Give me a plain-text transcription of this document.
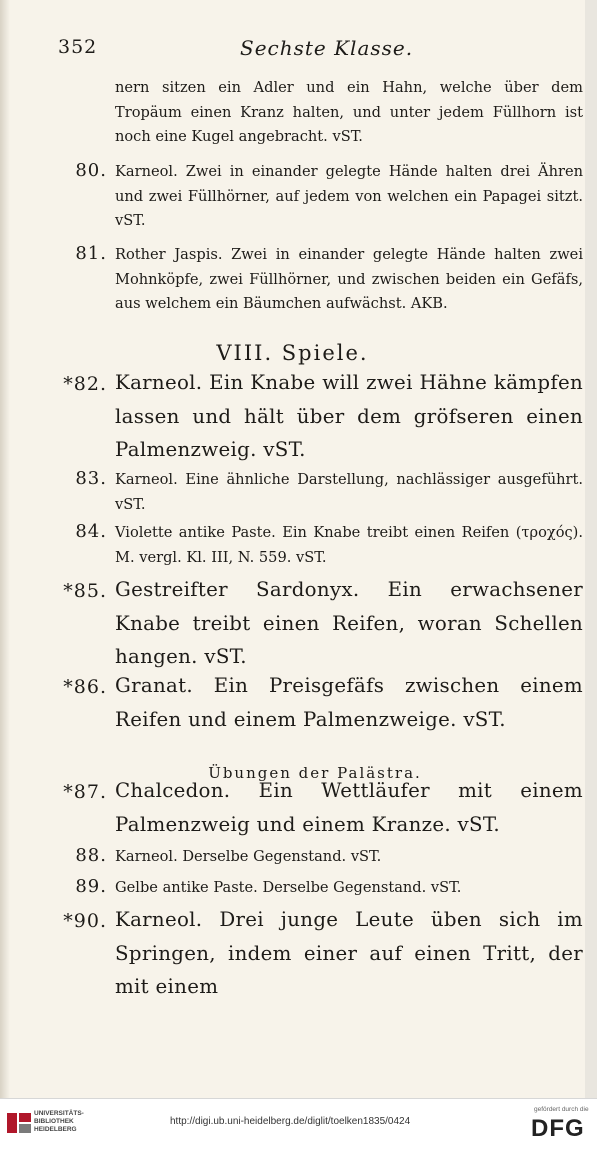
352	Sechste Klasse.

nern sitzen ein Adler und ein Hahn, welche über dem Tropäum einen Kranz halten, und unter jedem Füllhorn ist noch eine Kugel angebracht. vST.

80. Karneol. Zwei in einander gelegte Hände halten drei Ähren und zwei Füllhörner, auf jedem von welchen ein Papagei sitzt. vST.

81. Rother Jaspis. Zwei in einander gelegte Hände halten zwei Mohnköpfe, zwei Füllhörner, und zwischen beiden ein Gefäfs, aus welchem ein Bäumchen aufwächst. AKB.

VIII. Spiele.
*82. Karneol. Ein Knabe will zwei Hähne kämpfen lassen und hält über dem gröfseren einen Palmenzweig. vST.

83. Karneol. Eine ähnliche Darstellung, nachlässiger ausgeführt. vST.

84. Violette antike Paste. Ein Knabe treibt einen Reifen (τροχός). M. vergl. Kl. III, N. 559. vST.

*85. Gestreifter Sardonyx. Ein erwachsener Knabe treibt einen Reifen, woran Schellen hangen. vST.

*86. Granat. Ein Preisgefäfs zwischen einem Reifen und einem Palmenzweige. vST.

Übungen der Palästra.
*87. Chalcedon. Ein Wettläufer mit einem Palmenzweig und einem Kranze. vST.

88. Karneol. Derselbe Gegenstand. vST.

89. Gelbe antike Paste. Derselbe Gegenstand. vST.

*90. Karneol. Drei junge Leute üben sich im Springen, indem einer auf einen Tritt, der mit einem

UNIVERSITÄTS-
BIBLIOTHEK
HEIDELBERG
http://digi.ub.uni-heidelberg.de/diglit/toelken1835/0424
gefördert durch die
DFG
